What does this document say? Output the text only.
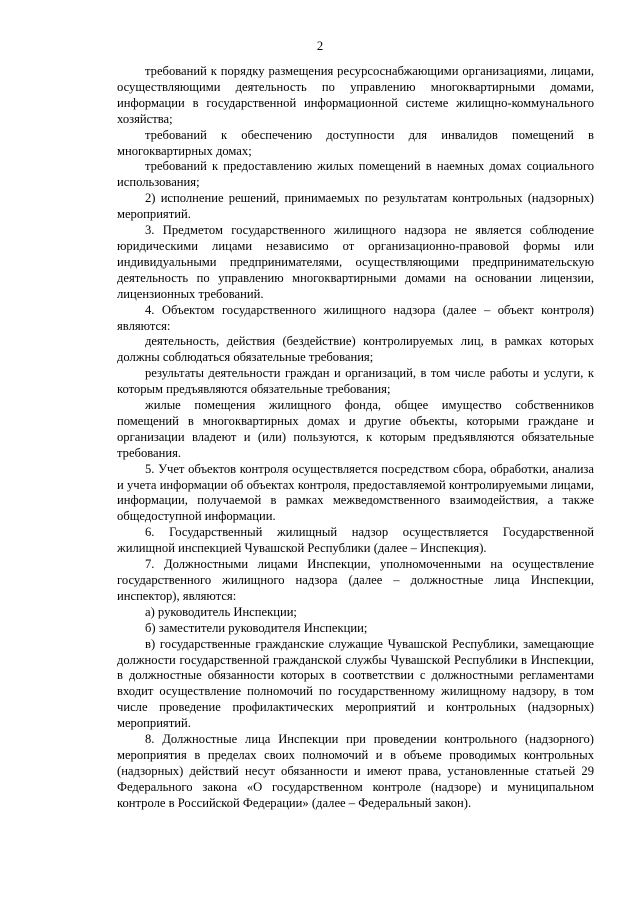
2

требований к порядку размещения ресурсоснабжающими организациями, лицами, осуществляющими деятельность по управлению многоквартирными домами, информации в государственной информационной системе жилищно-коммунального хозяйства;

требований к обеспечению доступности для инвалидов помещений в многоквартирных домах;

требований к предоставлению жилых помещений в наемных домах социального использования;

2) исполнение решений, принимаемых по результатам контрольных (надзорных) мероприятий.

3. Предметом государственного жилищного надзора не является соблюдение юридическими лицами независимо от организационно-правовой формы или индивидуальными предпринимателями, осуществляющими предпринимательскую деятельность по управлению многоквартирными домами на основании лицензии, лицензионных требований.

4. Объектом государственного жилищного надзора (далее – объект контроля) являются:

деятельность, действия (бездействие) контролируемых лиц, в рамках которых должны соблюдаться обязательные требования;

результаты деятельности граждан и организаций, в том числе работы и услуги, к которым предъявляются обязательные требования;

жилые помещения жилищного фонда, общее имущество собственников помещений в многоквартирных домах и другие объекты, которыми граждане и организации владеют и (или) пользуются, к которым предъявляются обязательные требования.

5. Учет объектов контроля осуществляется посредством сбора, обработки, анализа и учета информации об объектах контроля, предоставляемой контролируемыми лицами, информации, получаемой в рамках межведомственного взаимодействия, а также общедоступной информации.

6. Государственный жилищный надзор осуществляется Государственной жилищной инспекцией Чувашской Республики (далее – Инспекция).

7. Должностными лицами Инспекции, уполномоченными на осуществление государственного жилищного надзора (далее – должностные лица Инспекции, инспектор), являются:

а) руководитель Инспекции;

б) заместители руководителя Инспекции;

в) государственные гражданские служащие Чувашской Республики, замещающие должности государственной гражданской службы Чувашской Республики в Инспекции, в должностные обязанности которых в соответствии с должностными регламентами входит осуществление полномочий по государственному жилищному надзору, в том числе проведение профилактических мероприятий и контрольных (надзорных) мероприятий.

8. Должностные лица Инспекции при проведении контрольного (надзорного) мероприятия в пределах своих полномочий и в объеме проводимых контрольных (надзорных) действий несут обязанности и имеют права, установленные статьей 29 Федерального закона «О государственном контроле (надзоре) и муниципальном контроле в Российской Федерации» (далее – Федеральный закон).
